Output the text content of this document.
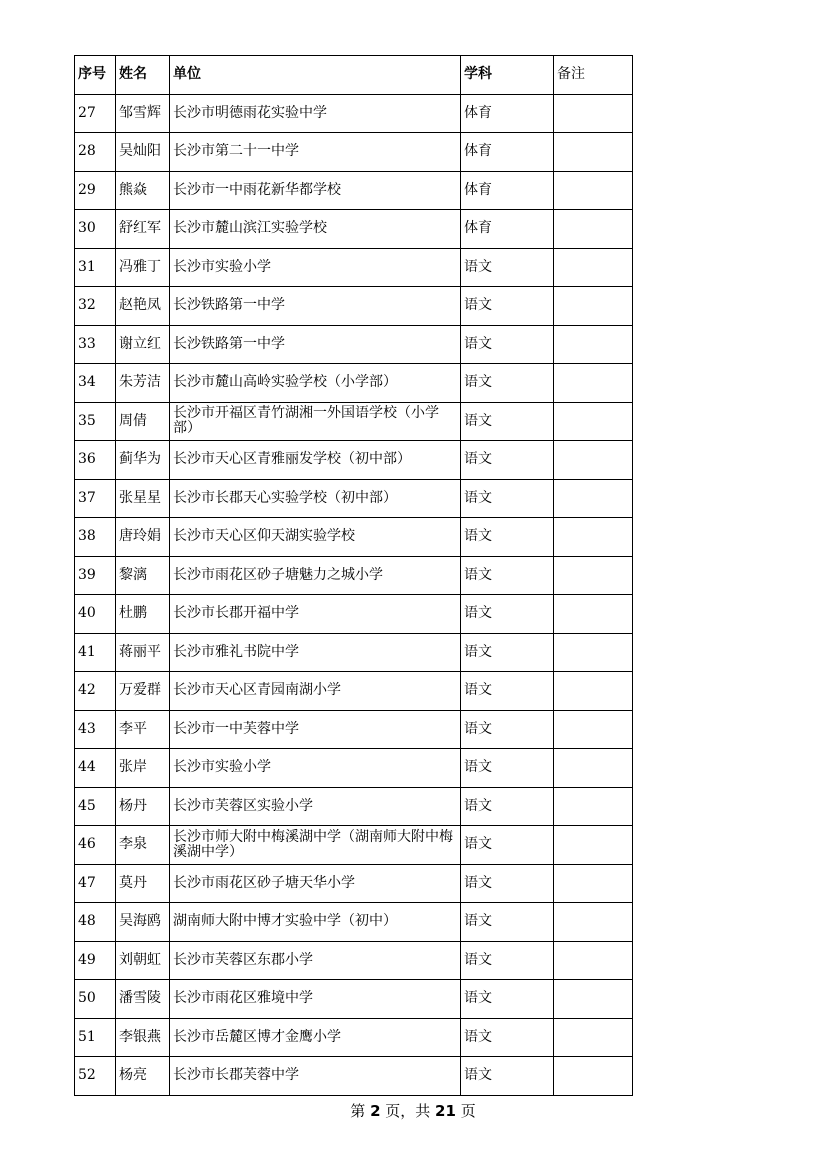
序号	姓名	单位	学科	备注
27	邹雪辉	长沙市明德雨花实验中学	体育	
28	吴灿阳	长沙市第二十一中学	体育	
29	熊焱	长沙市一中雨花新华都学校	体育	
30	舒红军	长沙市麓山滨江实验学校	体育	
31	冯雅丁	长沙市实验小学	语文	
32	赵艳凤	长沙铁路第一中学	语文	
33	谢立红	长沙铁路第一中学	语文	
34	朱芳洁	长沙市麓山高岭实验学校（小学部）	语文	
35	周倩	长沙市开福区青竹湖湘一外国语学校（小学部）	语文	
36	蓟华为	长沙市天心区青雅丽发学校（初中部）	语文	
37	张星星	长沙市长郡天心实验学校（初中部）	语文	
38	唐玲娟	长沙市天心区仰天湖实验学校	语文	
39	黎漓	长沙市雨花区砂子塘魅力之城小学	语文	
40	杜鹏	长沙市长郡开福中学	语文	
41	蒋丽平	长沙市雅礼书院中学	语文	
42	万爱群	长沙市天心区青园南湖小学	语文	
43	李平	长沙市一中芙蓉中学	语文	
44	张岸	长沙市实验小学	语文	
45	杨丹	长沙市芙蓉区实验小学	语文	
46	李泉	长沙市师大附中梅溪湖中学（湖南师大附中梅溪湖中学）	语文	
47	莫丹	长沙市雨花区砂子塘天华小学	语文	
48	吴海鸥	湖南师大附中博才实验中学（初中）	语文	
49	刘朝虹	长沙市芙蓉区东郡小学	语文	
50	潘雪陵	长沙市雨花区雅境中学	语文	
51	李银燕	长沙市岳麓区博才金鹰小学	语文	
52	杨亮	长沙市长郡芙蓉中学	语文	
第 2 页，共 21 页
